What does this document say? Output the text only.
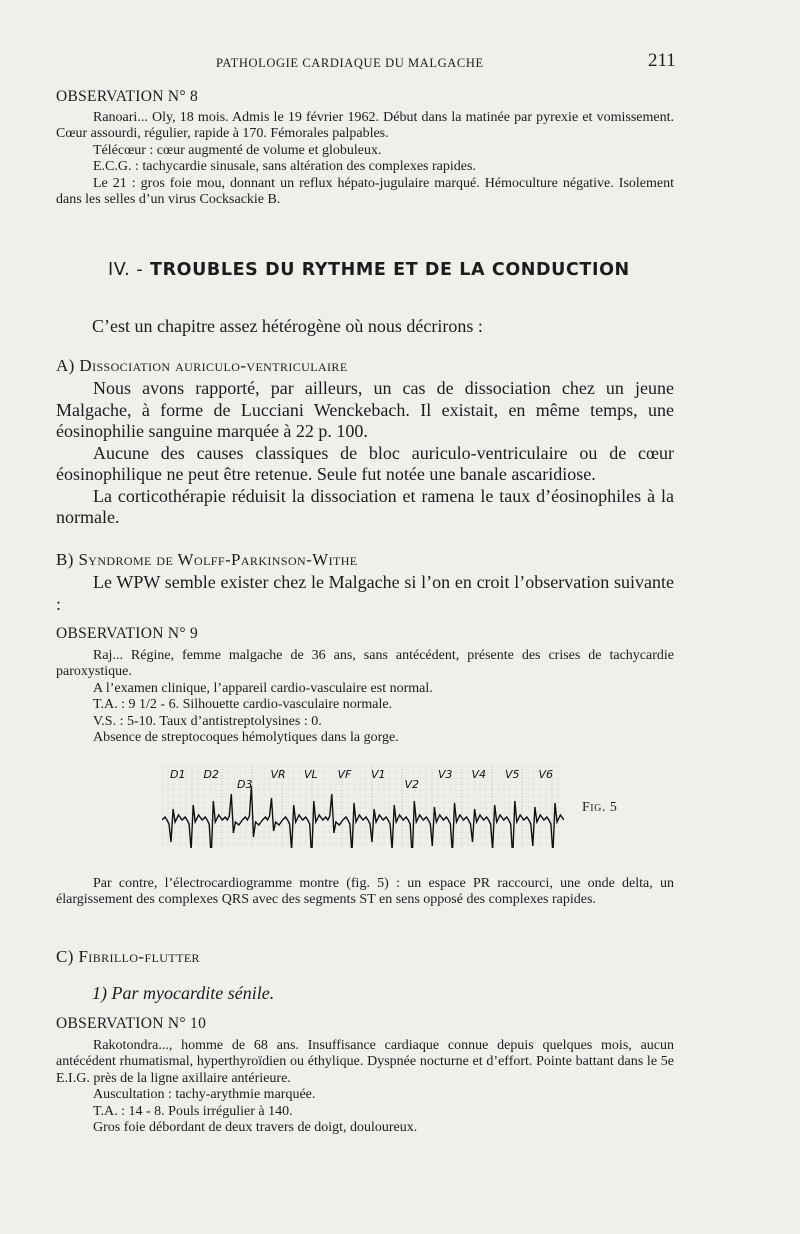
PATHOLOGIE CARDIAQUE DU MALGACHE	211
OBSERVATION N° 8

Ranoari... Oly, 18 mois. Admis le 19 février 1962. Début dans la matinée par pyrexie et vomissement. Cœur assourdi, régulier, rapide à 170. Fémorales palpables.

Télécœur : cœur augmenté de volume et globuleux.

E.C.G. : tachycardie sinusale, sans altération des complexes rapides.

Le 21 : gros foie mou, donnant un reflux hépato-jugulaire marqué. Hémoculture négative. Isolement dans les selles d’un virus Cocksackie B.

IV. - TROUBLES DU RYTHME ET DE LA CONDUCTION
C’est un chapitre assez hétérogène où nous décrirons :
A) Dissociation auriculo-ventriculaire

Nous avons rapporté, par ailleurs, un cas de dissociation chez un jeune Malgache, à forme de Lucciani Wenckebach. Il existait, en même temps, une éosinophilie sanguine marquée à 22 p. 100.

Aucune des causes classiques de bloc auriculo-ventriculaire ou de cœur éosinophilique ne peut être retenue. Seule fut notée une banale ascaridiose.

La corticothérapie réduisit la dissociation et ramena le taux d’éosinophiles à la normale.

B) Syndrome de Wolff-Parkinson-Withe

Le WPW semble exister chez le Malgache si l’on en croit l’observation suivante :

OBSERVATION N° 9

Raj... Régine, femme malgache de 36 ans, sans antécédent, présente des crises de tachycardie paroxystique.

A l’examen clinique, l’appareil cardio-vasculaire est normal.

T.A. : 9 1/2 - 6. Silhouette cardio-vasculaire normale.

V.S. : 5-10. Taux d’antistreptolysines : 0.

Absence de streptocoques hémolytiques dans la gorge.

D1 D2
D3
VR VL VF V1
V2
V3 V4 V5 V6
Fig. 5

Par contre, l’électrocardiogramme montre (fig. 5) : un espace PR raccourci, une onde delta, un élargissement des complexes QRS avec des segments ST en sens opposé des complexes rapides.

C) Fibrillo-flutter
1) Par myocardite sénile.
OBSERVATION N° 10

Rakotondra..., homme de 68 ans. Insuffisance cardiaque connue depuis quelques mois, aucun antécédent rhumatismal, hyperthyroïdien ou éthylique. Dyspnée nocturne et d’effort. Pointe battant dans le 5e E.I.G. près de la ligne axillaire antérieure.

Auscultation : tachy-arythmie marquée.

T.A. : 14 - 8. Pouls irrégulier à 140.

Gros foie débordant de deux travers de doigt, douloureux.
